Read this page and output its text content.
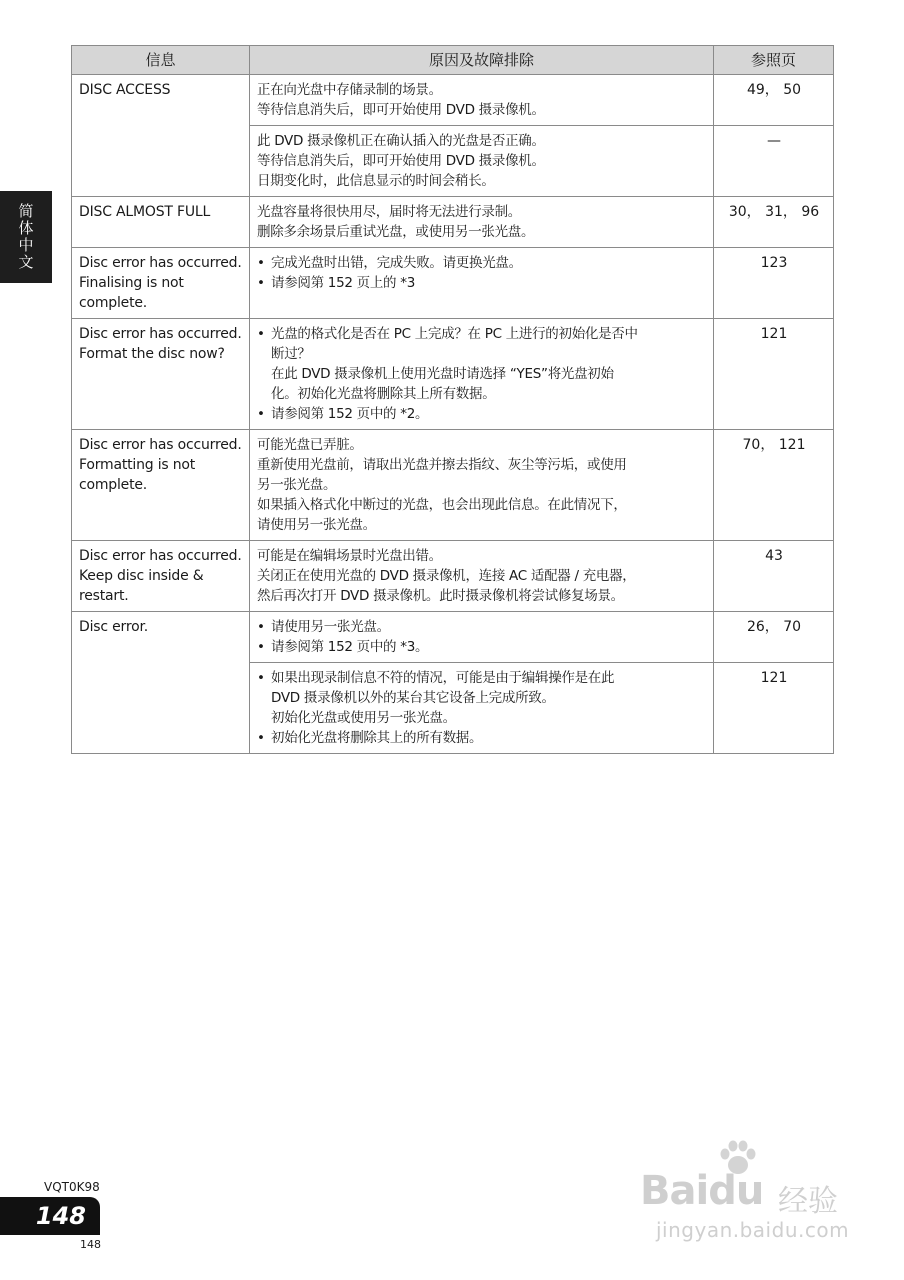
简体中文
信息	原因及故障排除	参照页

DISC ACCESS	正在向光盘中存储录制的场景。
等待信息消失后，即可开始使用 DVD 摄录像机。	49， 50

	此 DVD 摄录像机正在确认插入的光盘是否正确。
等待信息消失后，即可开始使用 DVD 摄录像机。
日期变化时，此信息显示的时间会稍长。	—

DISC ALMOST FULL	光盘容量将很快用尽，届时将无法进行录制。
删除多余场景后重试光盘，或使用另一张光盘。	30， 31， 96

Disc error has occurred.
Finalising is not
complete.	• 完成光盘时出错，完成失败。请更换光盘。
• 请参阅第 152 页上的 *3	123

Disc error has occurred.
Format the disc now?	• 光盘的格式化是否在 PC 上完成？在 PC 上进行的初始化是否中
断过？
在此 DVD 摄录像机上使用光盘时请选择 “YES”将光盘初始
化。初始化光盘将删除其上所有数据。
• 请参阅第 152 页中的 *2。	121

Disc error has occurred.
Formatting is not
complete.	可能光盘已弄脏。
重新使用光盘前，请取出光盘并擦去指纹、灰尘等污垢，或使用
另一张光盘。
如果插入格式化中断过的光盘，也会出现此信息。在此情况下，
请使用另一张光盘。	70， 121

Disc error has occurred.
Keep disc inside &
restart.	可能是在编辑场景时光盘出错。
关闭正在使用光盘的 DVD 摄录像机，连接 AC 适配器 / 充电器，
然后再次打开 DVD 摄录像机。此时摄录像机将尝试修复场景。	43

Disc error.	• 请使用另一张光盘。
• 请参阅第 152 页中的 *3。	26， 70

	• 如果出现录制信息不符的情况，可能是由于编辑操作是在此
DVD 摄录像机以外的某台其它设备上完成所致。
初始化光盘或使用另一张光盘。
• 初始化光盘将删除其上的所有数据。	121
VQT0K98
148
148
Baidu 经验
jingyan.baidu.com
